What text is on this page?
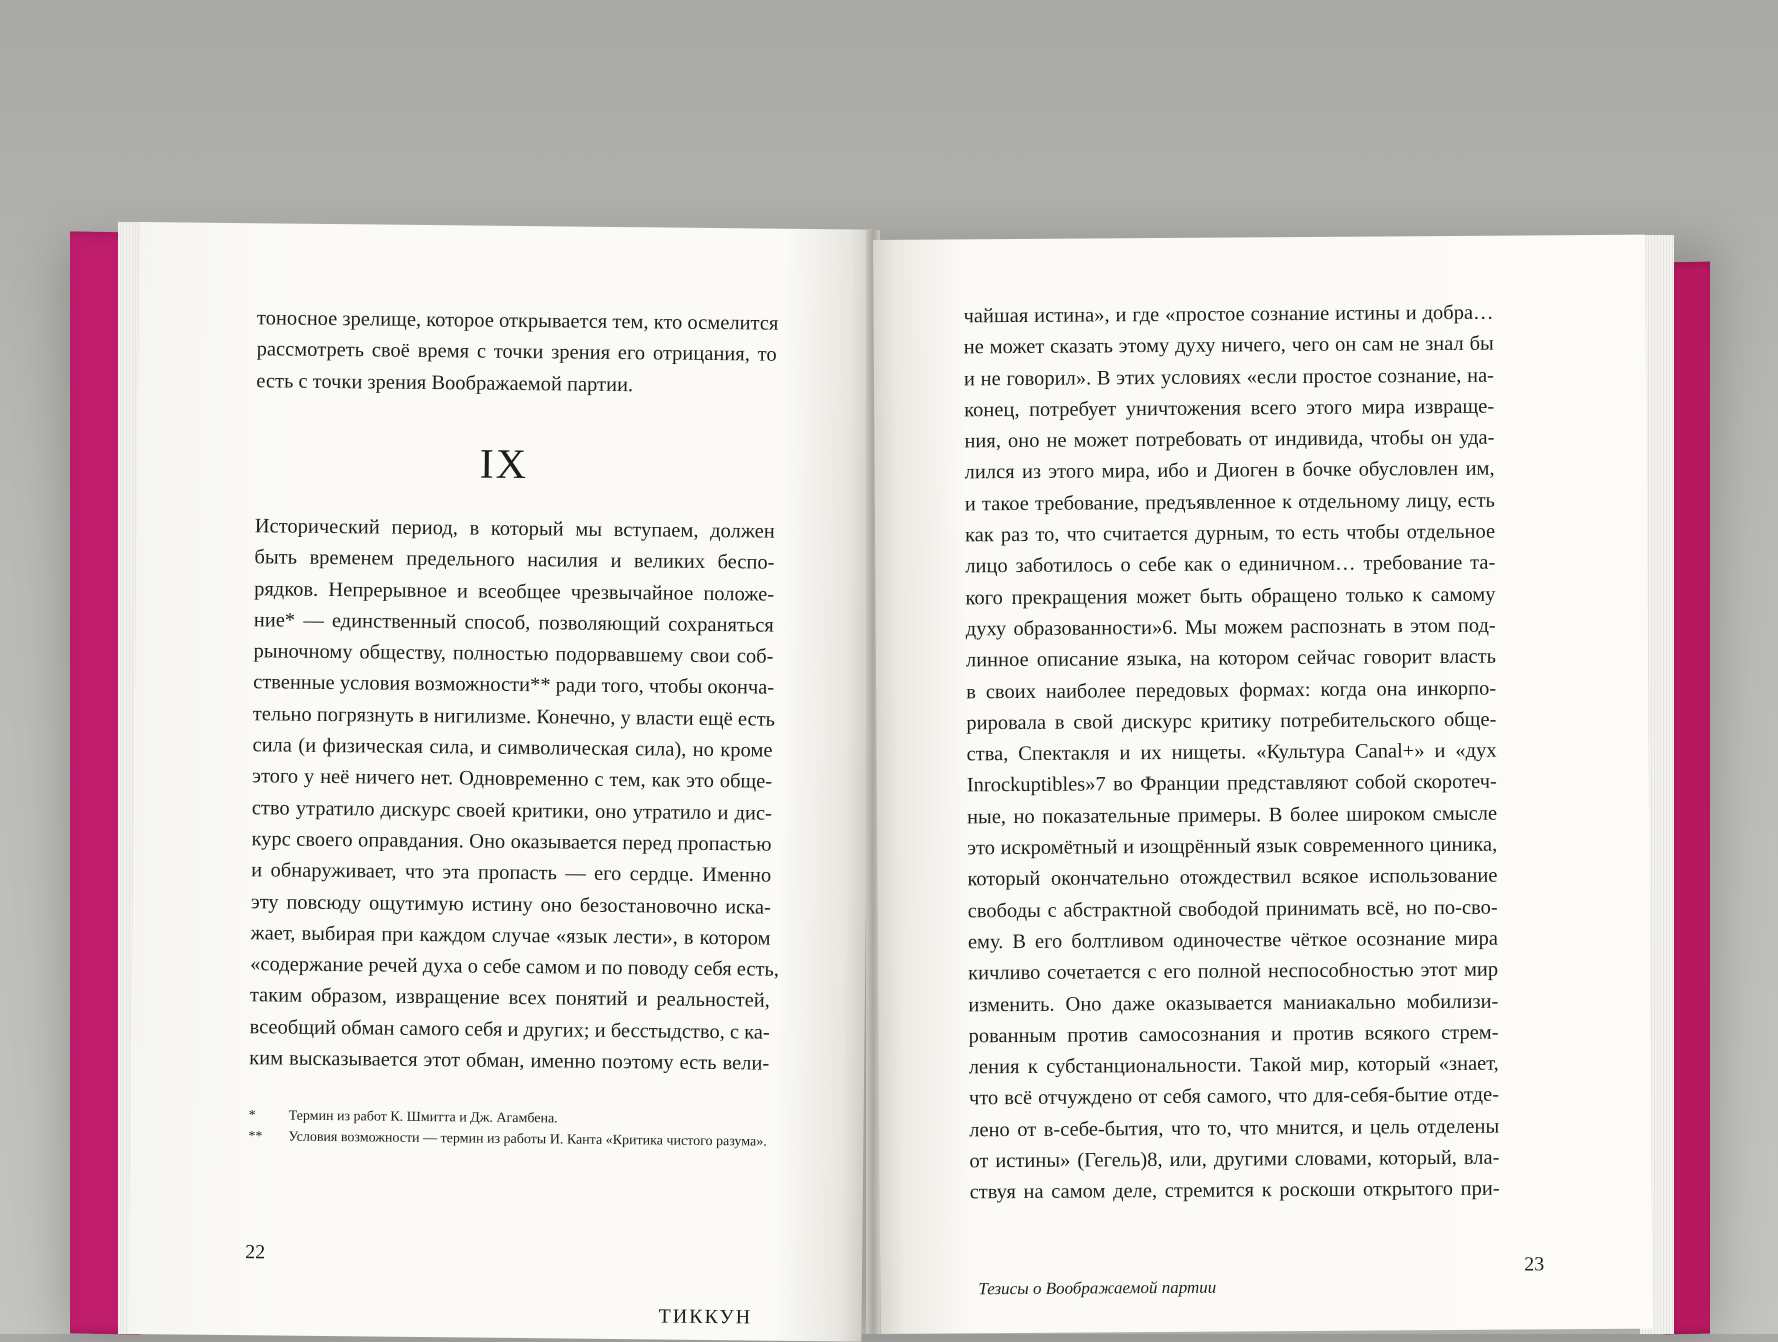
тоносное зрелище, которое открывается тем, кто осмелится
рассмотреть своё время с точки зрения его отрицания, то
есть с точки зрения Воображаемой партии.
IX
Исторический период, в который мы вступаем, должен
быть временем предельного насилия и великих беспо-
рядков. Непрерывное и всеобщее чрезвычайное положе-
ние* — единственный способ, позволяющий сохраняться
рыночному обществу, полностью подорвавшему свои соб-
ственные условия возможности** ради того, чтобы оконча-
тельно погрязнуть в нигилизме. Конечно, у власти ещё есть
сила (и физическая сила, и символическая сила), но кроме
этого у неё ничего нет. Одновременно с тем, как это обще-
ство утратило дискурс своей критики, оно утратило и дис-
курс своего оправдания. Оно оказывается перед пропастью
и обнаруживает, что эта пропасть — его сердце. Именно
эту повсюду ощутимую истину оно безостановочно иска-
жает, выбирая при каждом случае «язык лести», в котором
«содержание речей духа о себе самом и по поводу себя есть,
таким образом, извращение всех понятий и реальностей,
всеобщий обман самого себя и других; и бесстыдство, с ка-
ким высказывается этот обман, именно поэтому есть вели-
*	Термин из работ К. Шмитта и Дж. Агамбена.
**	Условия возможности — термин из работы И. Канта «Критика чистого разума».
22
ТИККУН
чайшая истина», и где «простое сознание истины и добра…
не может сказать этому духу ничего, чего он сам не знал бы
и не говорил». В этих условиях «если простое сознание, на-
конец, потребует уничтожения всего этого мира извраще-
ния, оно не может потребовать от индивида, чтобы он уда-
лился из этого мира, ибо и Диоген в бочке обусловлен им,
и такое требование, предъявленное к отдельному лицу, есть
как раз то, что считается дурным, то есть чтобы отдельное
лицо заботилось о себе как о единичном… требование та-
кого прекращения может быть обращено только к самому
духу образованности»6. Мы можем распознать в этом под-
линное описание языка, на котором сейчас говорит власть
в своих наиболее передовых формах: когда она инкорпо-
рировала в свой дискурс критику потребительского обще-
ства, Спектакля и их нищеты. «Культура Canal+» и «дух
Inrockuptibles»7 во Франции представляют собой скоротеч-
ные, но показательные примеры. В более широком смысле
это искромётный и изощрённый язык современного циника,
который окончательно отождествил всякое использование
свободы с абстрактной свободой принимать всё, но по-сво-
ему. В его болтливом одиночестве чёткое осознание мира
кичливо сочетается с его полной неспособностью этот мир
изменить. Оно даже оказывается маниакально мобилизи-
рованным против самосознания и против всякого стрем-
ления к субстанциональности. Такой мир, который «знает,
что всё отчуждено от себя самого, что для-себя-бытие отде-
лено от в-себе-бытия, что то, что мнится, и цель отделены
от истины» (Гегель)8, или, другими словами, который, вла-
ствуя на самом деле, стремится к роскоши открытого при-
23
Тезисы о Воображаемой партии
